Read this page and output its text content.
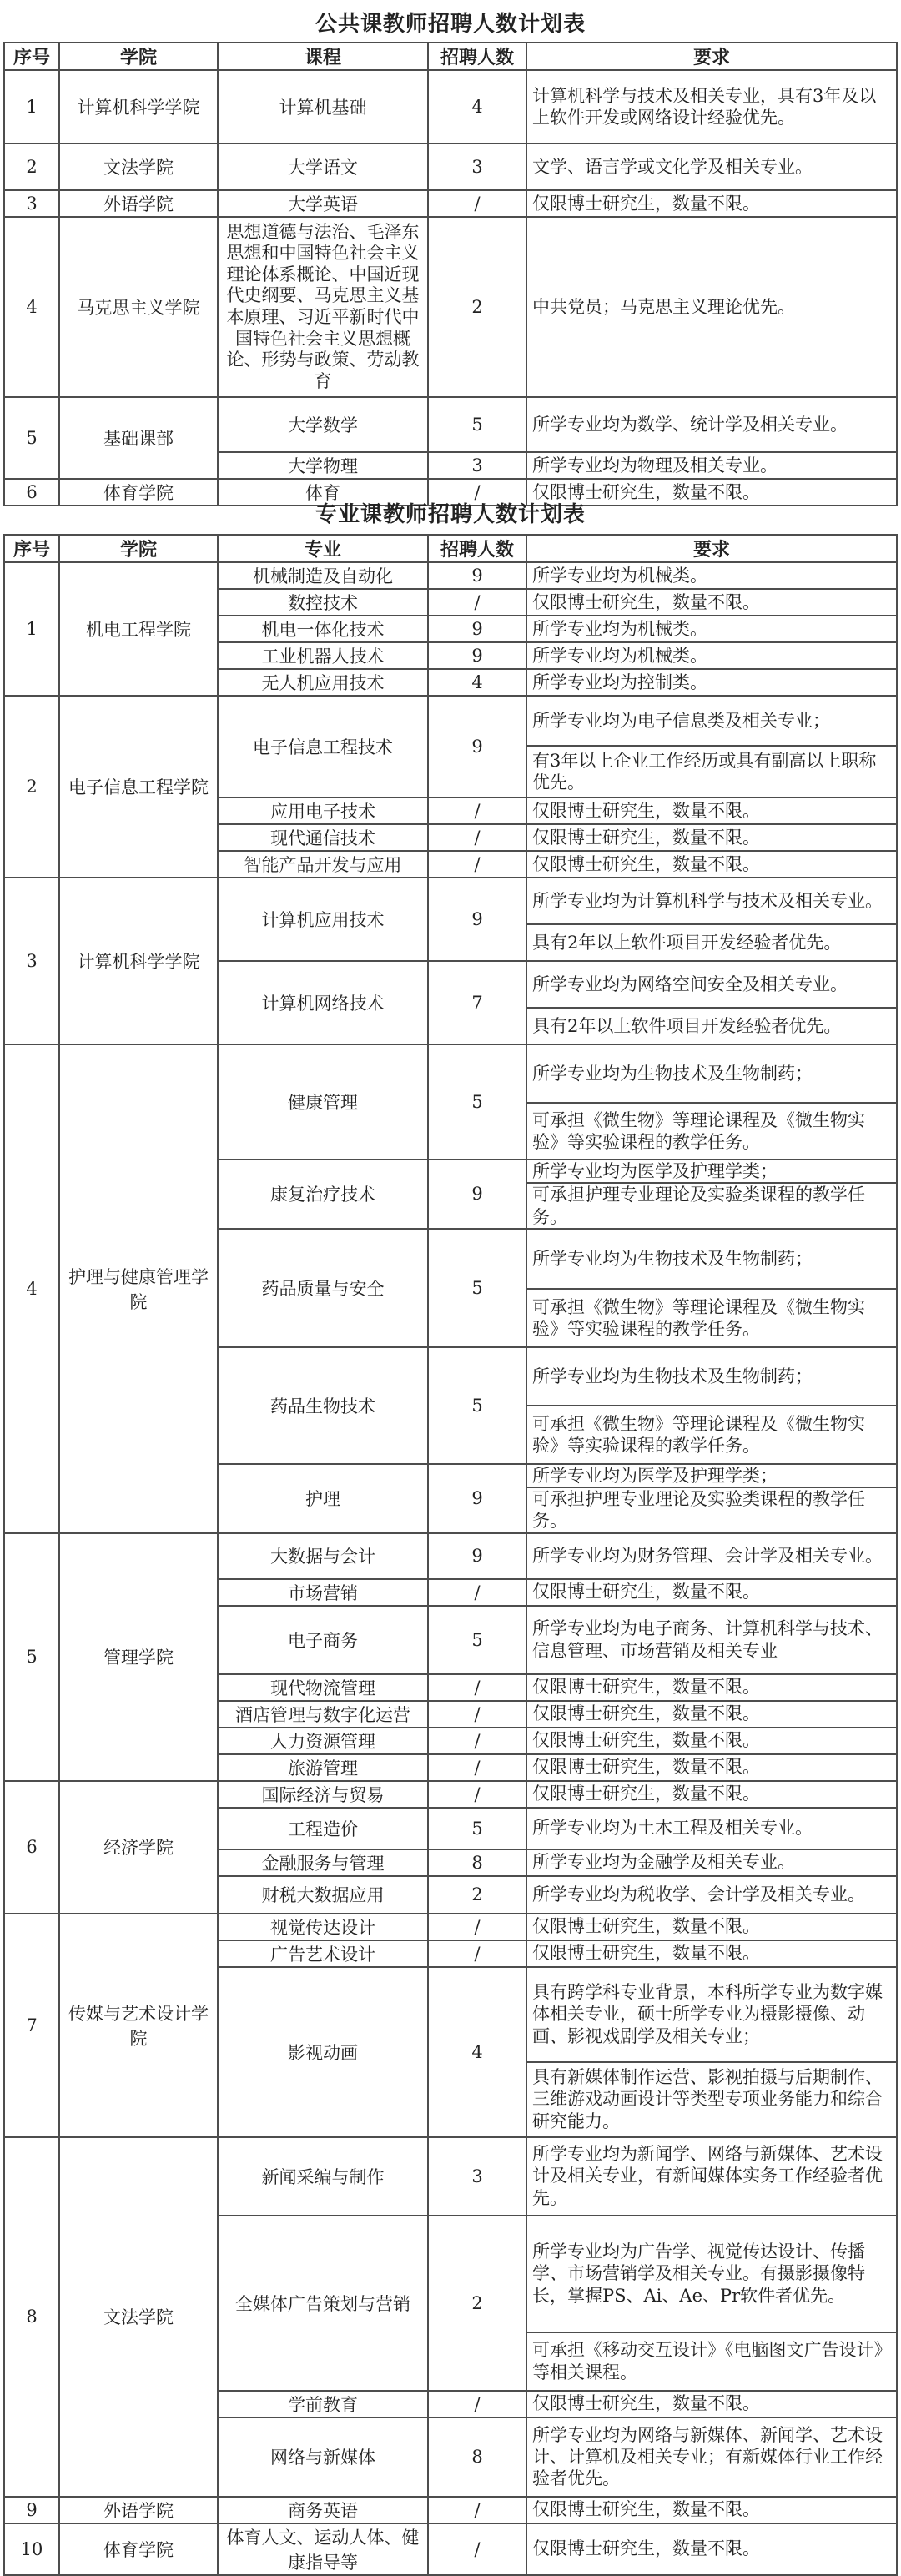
公共课教师招聘人数计划表
序号	学院	课程	招聘人数	要求
1	计算机科学学院	计算机基础	4	计算机科学与技术及相关专业，具有3年及以上软件开发或网络设计经验优先。
2	文法学院	大学语文	3	文学、语言学或文化学及相关专业。
3	外语学院	大学英语	/	仅限博士研究生，数量不限。
4	马克思主义学院	思想道德与法治、毛泽东思想和中国特色社会主义理论体系概论、中国近现代史纲要、马克思主义基本原理、习近平新时代中国特色社会主义思想概论、形势与政策、劳动教育	2	中共党员；马克思主义理论优先。
5	基础课部	大学数学	5	所学专业均为数学、统计学及相关专业。
		大学物理	3	所学专业均为物理及相关专业。
6	体育学院	体育	/	仅限博士研究生，数量不限。
专业课教师招聘人数计划表
序号	学院	专业	招聘人数	要求
1	机电工程学院	机械制造及自动化	9	所学专业均为机械类。
		数控技术	/	仅限博士研究生，数量不限。
		机电一体化技术	9	所学专业均为机械类。
		工业机器人技术	9	所学专业均为机械类。
		无人机应用技术	4	所学专业均为控制类。
2	电子信息工程学院	电子信息工程技术	9	所学专业均为电子信息类及相关专业；
				有3年以上企业工作经历或具有副高以上职称优先。
		应用电子技术	/	仅限博士研究生，数量不限。
		现代通信技术	/	仅限博士研究生，数量不限。
		智能产品开发与应用	/	仅限博士研究生，数量不限。
3	计算机科学学院	计算机应用技术	9	所学专业均为计算机科学与技术及相关专业。
				具有2年以上软件项目开发经验者优先。
		计算机网络技术	7	所学专业均为网络空间安全及相关专业。
				具有2年以上软件项目开发经验者优先。
4	护理与健康管理学院	健康管理	5	所学专业均为生物技术及生物制药；
				可承担《微生物》等理论课程及《微生物实验》等实验课程的教学任务。
		康复治疗技术	9	所学专业均为医学及护理学类；
				可承担护理专业理论及实验类课程的教学任务。
		药品质量与安全	5	所学专业均为生物技术及生物制药；
				可承担《微生物》等理论课程及《微生物实验》等实验课程的教学任务。
		药品生物技术	5	所学专业均为生物技术及生物制药；
				可承担《微生物》等理论课程及《微生物实验》等实验课程的教学任务。
		护理	9	所学专业均为医学及护理学类；
				可承担护理专业理论及实验类课程的教学任务。
5	管理学院	大数据与会计	9	所学专业均为财务管理、会计学及相关专业。
		市场营销	/	仅限博士研究生，数量不限。
		电子商务	5	所学专业均为电子商务、计算机科学与技术、信息管理、市场营销及相关专业
		现代物流管理	/	仅限博士研究生，数量不限。
		酒店管理与数字化运营	/	仅限博士研究生，数量不限。
		人力资源管理	/	仅限博士研究生，数量不限。
		旅游管理	/	仅限博士研究生，数量不限。
6	经济学院	国际经济与贸易	/	仅限博士研究生，数量不限。
		工程造价	5	所学专业均为土木工程及相关专业。
		金融服务与管理	8	所学专业均为金融学及相关专业。
		财税大数据应用	2	所学专业均为税收学、会计学及相关专业。
7	传媒与艺术设计学院	视觉传达设计	/	仅限博士研究生，数量不限。
		广告艺术设计	/	仅限博士研究生，数量不限。
		影视动画	4	具有跨学科专业背景，本科所学专业为数字媒体相关专业，硕士所学专业为摄影摄像、动画、影视戏剧学及相关专业；
				具有新媒体制作运营、影视拍摄与后期制作、三维游戏动画设计等类型专项业务能力和综合研究能力。
8	文法学院	新闻采编与制作	3	所学专业均为新闻学、网络与新媒体、艺术设计及相关专业，有新闻媒体实务工作经验者优先。
		全媒体广告策划与营销	2	所学专业均为广告学、视觉传达设计、传播学、市场营销学及相关专业。有摄影摄像特长，掌握PS、Ai、Ae、Pr软件者优先。
				可承担《移动交互设计》《电脑图文广告设计》等相关课程。
		学前教育	/	仅限博士研究生，数量不限。
		网络与新媒体	8	所学专业均为网络与新媒体、新闻学、艺术设计、计算机及相关专业；有新媒体行业工作经验者优先。
9	外语学院	商务英语	/	仅限博士研究生，数量不限。
10	体育学院	体育人文、运动人体、健康指导等	/	仅限博士研究生，数量不限。
